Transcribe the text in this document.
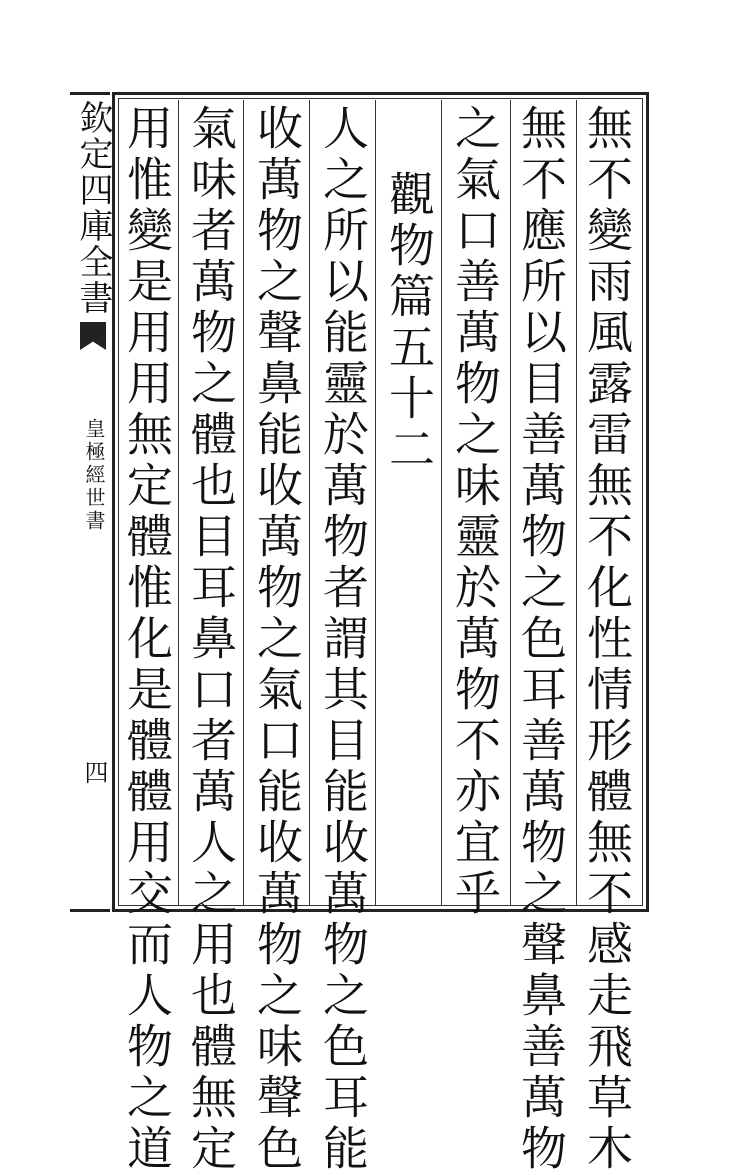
欽定四庫全書
皇極經世書
四	無不變雨風露雷無不化性情形體無不感走飛草木
無不應所以目善萬物之色耳善萬物之聲鼻善萬物
之氣口善萬物之味靈於萬物不亦宜乎
觀物篇五十二
人之所以能靈於萬物者謂其目能收萬物之色耳能
收萬物之聲鼻能收萬物之氣口能收萬物之味聲色
氣味者萬物之體也目耳鼻口者萬人之用也體無定
用惟變是用用無定體惟化是體體用交而人物之道
